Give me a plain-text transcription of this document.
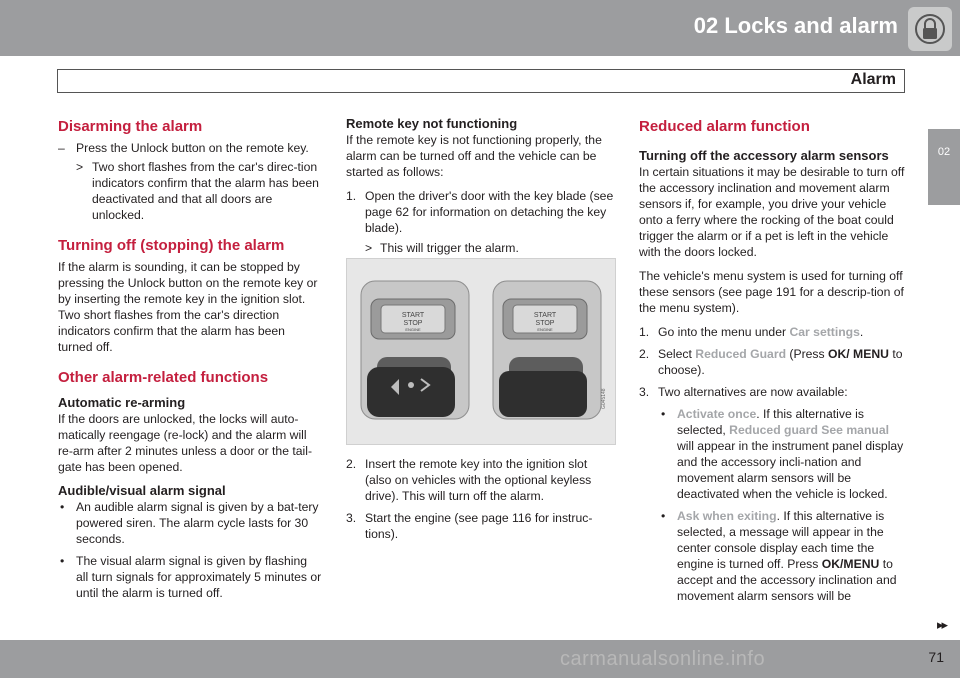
02 Locks and alarm
Alarm
02
Disarming the alarm
– Press the Unlock button on the remote key.
> Two short flashes from the car's direc-tion indicators confirm that the alarm has been deactivated and that all doors are unlocked.
Turning off (stopping) the alarm

If the alarm is sounding, it can be stopped by pressing the Unlock button on the remote key or by inserting the remote key in the ignition slot. Two short flashes from the car's direction indicators confirm that the alarm has been turned off.

Other alarm-related functions
Automatic re-arming

If the doors are unlocked, the locks will auto-matically reengage (re-lock) and the alarm will re-arm after 2 minutes unless a door or the tail-gate has been opened.

Audible/visual alarm signal
• An audible alarm signal is given by a bat-tery powered siren. The alarm cycle lasts for 30 seconds.
• The visual alarm signal is given by flashing all turn signals for approximately 5 minutes or until the alarm is turned off.
Remote key not functioning

If the remote key is not functioning properly, the alarm can be turned off and the vehicle can be started as follows:

1. Open the driver's door with the key blade (see page 62 for information on detaching the key blade).
> This will trigger the alarm.
START
STOP
ENGINE
START
STOP
ENGINE
G045148
2. Insert the remote key into the ignition slot (also on vehicles with the optional keyless drive). This will turn off the alarm.
3. Start the engine (see page 116 for instruc-tions).
Reduced alarm function
Turning off the accessory alarm sensors

In certain situations it may be desirable to turn off the accessory inclination and movement alarm sensors if, for example, you drive your vehicle onto a ferry where the rocking of the boat could trigger the alarm or if a pet is left in the vehicle with the doors locked.

The vehicle's menu system is used for turning off these sensors (see page 191 for a descrip-tion of the menu system).

1. Go into the menu under Car settings.
2. Select Reduced Guard (Press OK/ MENU to choose).
3. Two alternatives are now available:
• Activate once. If this alternative is selected, Reduced guard See manual will appear in the instrument panel display and the accessory incli-nation and movement alarm sensors will be deactivated when the vehicle is locked.
• Ask when exiting. If this alternative is selected, a message will appear in the center console display each time the engine is turned off. Press OK/MENU to accept and the accessory inclination and movement alarm sensors will be
▸▸
carmanualsonline.info	71
